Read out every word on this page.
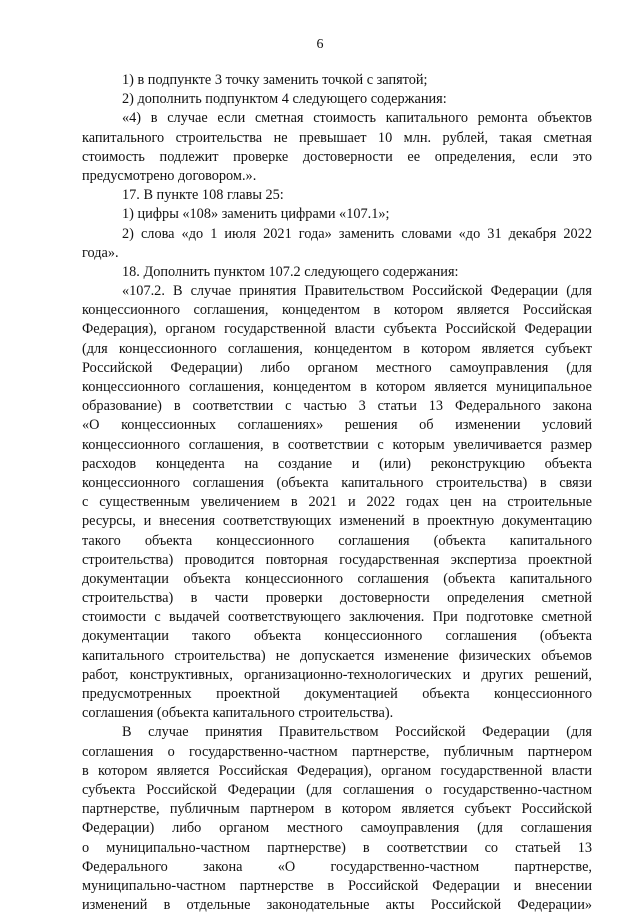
6
1) в подпункте 3 точку заменить точкой с запятой;
2) дополнить подпунктом 4 следующего содержания:
«4) в случае если сметная стоимость капитального ремонта объектов
капитального строительства не превышает 10 млн. рублей, такая сметная
стоимость подлежит проверке достоверности ее определения, если это
предусмотрено договором.».
17. В пункте 108 главы 25:
1) цифры «108» заменить цифрами «107.1»;
2) слова «до 1 июля 2021 года» заменить словами «до 31 декабря 2022
года».
18. Дополнить пунктом 107.2 следующего содержания:
«107.2. В случае принятия Правительством Российской Федерации (для
концессионного соглашения, концедентом в котором является Российская
Федерация), органом государственной власти субъекта Российской Федерации
(для концессионного соглашения, концедентом в котором является субъект
Российской Федерации) либо органом местного самоуправления (для
концессионного соглашения, концедентом в котором является муниципальное
образование) в соответствии с частью 3 статьи 13 Федерального закона
«О концессионных соглашениях» решения об изменении условий
концессионного соглашения, в соответствии с которым увеличивается размер
расходов концедента на создание и (или) реконструкцию объекта
концессионного соглашения (объекта капитального строительства) в связи
с существенным увеличением в 2021 и 2022 годах цен на строительные
ресурсы, и внесения соответствующих изменений в проектную документацию
такого объекта концессионного соглашения (объекта капитального
строительства) проводится повторная государственная экспертиза проектной
документации объекта концессионного соглашения (объекта капитального
строительства) в части проверки достоверности определения сметной
стоимости с выдачей соответствующего заключения. При подготовке сметной
документации такого объекта концессионного соглашения (объекта
капитального строительства) не допускается изменение физических объемов
работ, конструктивных, организационно-технологических и других решений,
предусмотренных проектной документацией объекта концессионного
соглашения (объекта капитального строительства).
В случае принятия Правительством Российской Федерации (для
соглашения о государственно-частном партнерстве, публичным партнером
в котором является Российская Федерация), органом государственной власти
субъекта Российской Федерации (для соглашения о государственно-частном
партнерстве, публичным партнером в котором является субъект Российской
Федерации) либо органом местного самоуправления (для соглашения
о муниципально-частном партнерстве) в соответствии со статьей 13
Федерального закона «О государственно-частном партнерстве,
муниципально-частном партнерстве в Российской Федерации и внесении
изменений в отдельные законодательные акты Российской Федерации»
